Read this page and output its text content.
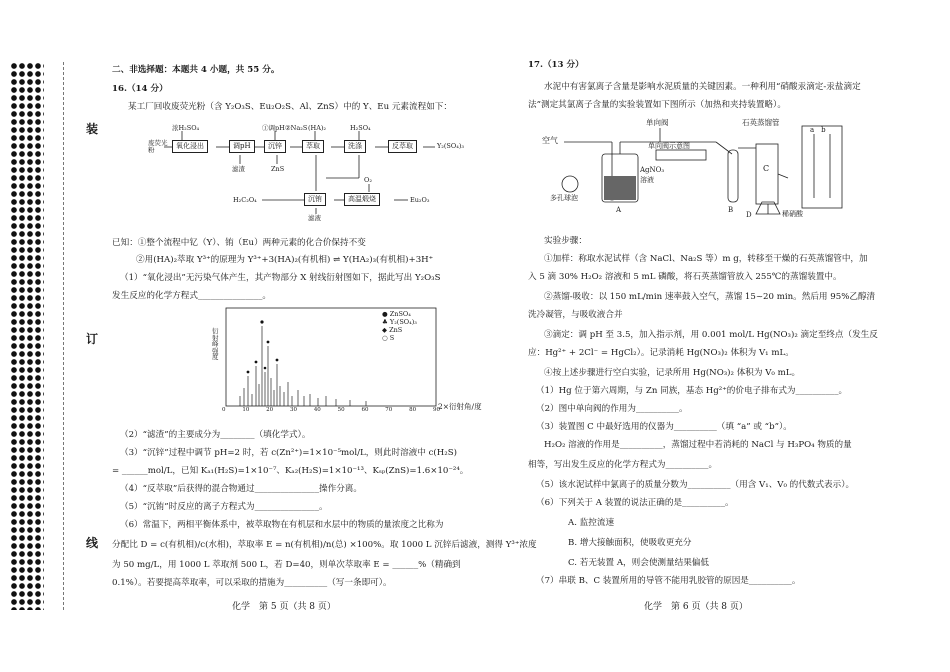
装
订
线
二、非选择题：本题共 4 小题，共 55 分。
16.（14 分）
某工厂回收废荧光粉（含 Y₂O₃S、Eu₂O₂S、Al、ZnS）中的 Y、Eu 元素流程如下：
浓H₂SO₄
废荧光粉
氧化浸出	调pH
①调pH②Na₂S
沉锌
(HA)₂
萃取
H₂SO₄
洗涤	反萃取	Y₂(SO₄)₃
滤渣	ZnS
H₂C₂O₄	沉铕
O₂
高温煅烧	Eu₂O₃
滤液
已知：①整个流程中钇（Y）、铕（Eu）两种元素的化合价保持不变
②用(HA)₂萃取 Y³⁺的原理为 Y³⁺+3(HA)₂(有机相) ⇌ Y(HA₂)₃(有机相)+3H⁺
（1）“氧化浸出”无污染气体产生，其产物部分 X 射线衍射图如下，据此写出 Y₂O₃S
发生反应的化学方程式_______________。
衍射峰强度
● ZnSO₄
♣ Y₂(SO₄)₃
◆ ZnS
○ S
0	10	20	30	40	50	60	70	80	90
2×衍射角/度
（2）“滤渣”的主要成分为________（填化学式）。
（3）“沉锌”过程中调节 pH=2 时，若 c(Zn²⁺)=1×10⁻⁵mol/L，则此时溶液中 c(H₂S)
= ______mol/L，已知 Kₐ₁(H₂S)=1×10⁻⁷、Kₐ₂(H₂S)=1×10⁻¹³、Kₛₚ(ZnS)=1.6×10⁻²⁴。
（4）“反萃取”后获得的混合物通过_______________操作分离。
（5）“沉铕”时反应的离子方程式为_______________。
（6）常温下，两相平衡体系中，被萃取物在有机层和水层中的物质的量浓度之比称为
分配比 D = c(有机相)/c(水相)，萃取率 E = n(有机相)/n(总) ×100%。取 1000 L 沉锌后滤液，测得 Y³⁺浓度
为 50 mg/L，用 1000 L 萃取剂 500 L，若 D=40，则单次萃取率 E = ______%（精确到
0.1%）。若要提高萃取率，可以采取的措施为__________（写一条即可）。
化学　第 5 页（共 8 页）
17.（13 分）
水泥中有害氯离子含量是影响水泥质量的关键因素。一种利用“硝酸汞滴定-汞盐滴定
法”测定其氯离子含量的实验装置如下图所示（加热和夹持装置略）。
空气
单向阀
单向阀示意图
石英蒸馏管
AgNO₃
溶液
多孔球泡
A	B
C
D	稀硝酸
a　b
实验步骤：
①加样：称取水泥试样（含 NaCl、Na₂S 等）m g，转移至干燥的石英蒸馏管中，加
入 5 滴 30% H₂O₂ 溶液和 5 mL 磷酸，将石英蒸馏管放入 255℃的蒸馏装置中。
②蒸馏-吸收：以 150 mL/min 速率鼓入空气，蒸馏 15~20 min。然后用 95%乙醇清
洗冷凝管，与吸收液合并
③滴定：调 pH 至 3.5，加入指示剂，用 0.001 mol/L Hg(NO₃)₂ 滴定至终点（发生反
应：Hg²⁺ + 2Cl⁻ = HgCl₂）。记录消耗 Hg(NO₃)₂ 体积为 V₁ mL。
④按上述步骤进行空白实验，记录所用 Hg(NO₃)₂ 体积为 V₀ mL。
（1）Hg 位于第六周期，与 Zn 同族，基态 Hg²⁺的价电子排布式为__________。
（2）图中单向阀的作用为__________。
（3）装置图 C 中最好选用的仪器为__________（填 “a” 或 “b”）。
H₂O₂ 溶液的作用是__________，蒸馏过程中若消耗的 NaCl 与 H₃PO₄ 物质的量
相等，写出发生反应的化学方程式为__________。
（5）该水泥试样中氯离子的质量分数为__________（用含 V₁、V₀ 的代数式表示）。
（6）下列关于 A 装置的说法正确的是__________。
A. 监控流速
B. 增大接触面积，使吸收更充分
C. 若无装置 A，则会使测量结果偏低
（7）串联 B、C 装置所用的导管不能用乳胶管的原因是__________。
化学　第 6 页（共 8 页）
